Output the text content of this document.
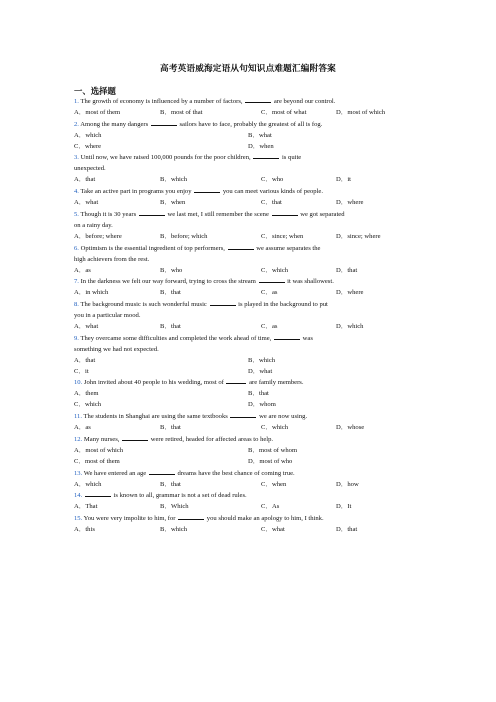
高考英语威海定语从句知识点难题汇编附答案
一、选择题
1. The growth of economy is influenced by a number of factors,	are beyond our control.
A．most of them	B．most of that	C．most of what	D．most of which
2. Among the many dangers	sailors have to face, probably the greatest of all is fog.
A．which	B．what
C．where	D．when
3. Until now, we have raised 100,000 pounds for the poor children,	is quite
unexpected.
A．that	B．which	C．who	D．it
4. Take an active part in programs you enjoy	you can meet various kinds of people.
A．what	B．when	C．that	D．where
5. Though it is 30 years	we last met, I still remember the scene	we got separated
on a rainy day.
A．before; where	B．before; which	C．since; when	D．since; where
6. Optimism is the essential ingredient of top performers,	we assume separates the
high achievers from the rest.
A．as	B．who	C．which	D．that
7. In the darkness we felt our way forward, trying to cross the stream	it was shallowest.
A．in which	B．that	C．as	D．where
8. The background music is such wonderful music	is played in the background to put
you in a particular mood.
A．what	B．that	C．as	D．which
9. They overcame some difficulties and completed the work ahead of time,	was
something we had not expected.
A．that	B．which
C．it	D．what
10. John invited about 40 people to his wedding, most of	are family members.
A．them	B．that
C．which	D．whom
11. The students in Shanghai are using the same textbooks	we are now using.
A．as	B．that	C．which	D．whose
12. Many nurses,	were retired, headed for affected areas to help.
A．most of which	B．most of whom
C．most of them	D．most of who
13. We have entered an age	dreams have the best chance of coming true.
A．which	B．that	C．when	D．how
14.	is known to all, grammar is not a set of dead rules.
A．That	B．Which	C．As	D．It
15. You were very impolite to him, for	you should make an apology to him, I think.
A．this	B．which	C．what	D．that
